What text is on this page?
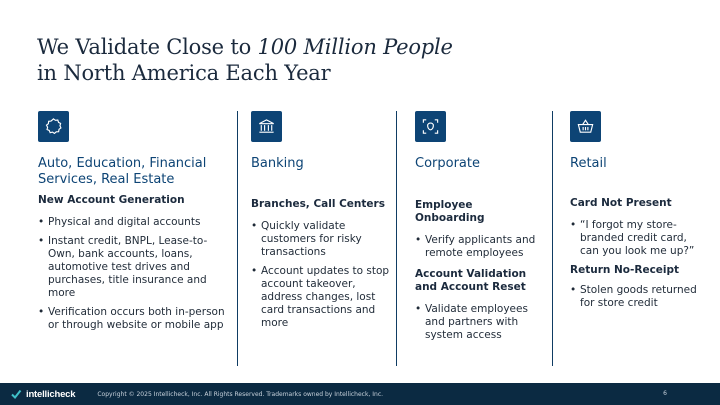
We Validate Close to 100 Million People
in North America Each Year
Auto, Education, Financial Services, Real Estate
New Account Generation
• Physical and digital accounts
• Instant credit, BNPL, Lease-to-Own, bank accounts, loans, automotive test drives and purchases, title insurance and more
• Verification occurs both in-person or through website or mobile app
Banking
Branches, Call Centers
• Quickly validate customers for risky transactions
• Account updates to stop account takeover, address changes, lost card transactions and more
Corporate
Employee Onboarding
• Verify applicants and remote employees
Account Validation and Account Reset
• Validate employees and partners with system access
Retail
Card Not Present
• “I forgot my store-branded credit card, can you look me up?”
Return No-Receipt
• Stolen goods returned for store credit
intellicheck	Copyright © 2025 Intellicheck, Inc. All Rights Reserved. Trademarks owned by Intellicheck, Inc.	6
